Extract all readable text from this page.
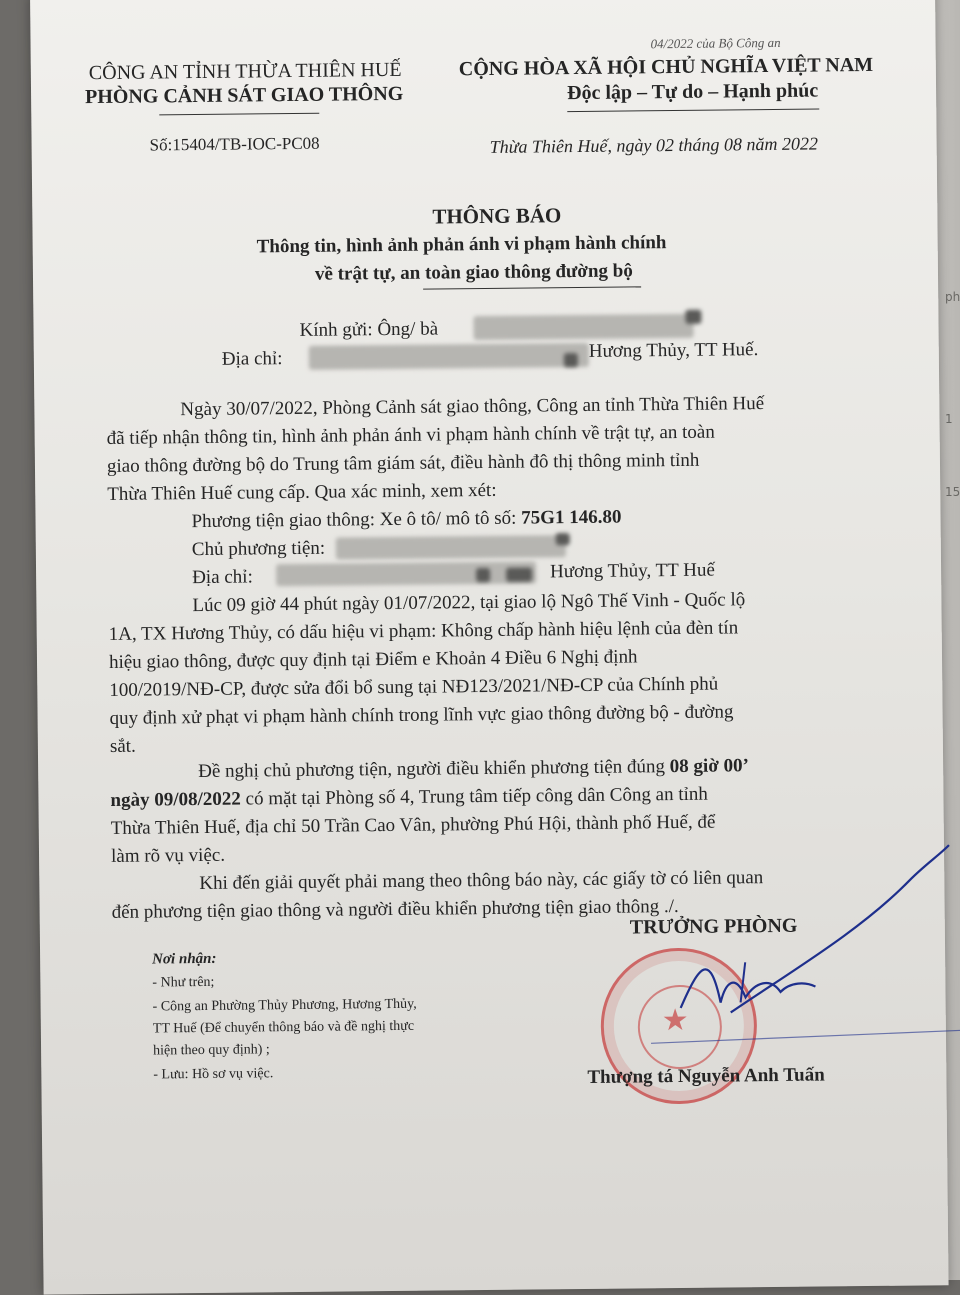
ph
1
15
04/2022 của Bộ Công an
CÔNG AN TỈNH THỪA THIÊN HUẾ
PHÒNG CẢNH SÁT GIAO THÔNG
CỘNG HÒA XÃ HỘI CHỦ NGHĨA VIỆT NAM
Độc lập – Tự do – Hạnh phúc
Số:15404/TB-IOC-PC08	Thừa Thiên Huế, ngày 02 tháng 08 năm 2022
THÔNG BÁO
Thông tin, hình ảnh phản ánh vi phạm hành chính
về trật tự, an toàn giao thông đường bộ
Kính gửi: Ông/ bà
Địa chỉ:	Hương Thủy, TT Huế.
Ngày 30/07/2022, Phòng Cảnh sát giao thông, Công an tỉnh Thừa Thiên Huế
đã tiếp nhận thông tin, hình ảnh phản ánh vi phạm hành chính về trật tự, an toàn
giao thông đường bộ do Trung tâm giám sát, điều hành đô thị thông minh tỉnh
Thừa Thiên Huế cung cấp. Qua xác minh, xem xét:
Phương tiện giao thông: Xe ô tô/ mô tô số: 75G1 146.80
Chủ phương tiện:
Địa chỉ:	Hương Thủy, TT Huế
Lúc 09 giờ 44 phút ngày 01/07/2022, tại giao lộ Ngô Thế Vinh - Quốc lộ
1A, TX Hương Thủy, có dấu hiệu vi phạm: Không chấp hành hiệu lệnh của đèn tín
hiệu giao thông, được quy định tại Điểm e Khoản 4 Điều 6 Nghị định
100/2019/NĐ-CP, được sửa đổi bổ sung tại NĐ123/2021/NĐ-CP của Chính phủ
quy định xử phạt vi phạm hành chính trong lĩnh vực giao thông đường bộ - đường
sắt.
Đề nghị chủ phương tiện, người điều khiển phương tiện đúng 08 giờ 00’
ngày 09/08/2022 có mặt tại Phòng số 4, Trung tâm tiếp công dân Công an tỉnh
Thừa Thiên Huế, địa chỉ 50 Trần Cao Vân, phường Phú Hội, thành phố Huế, để
làm rõ vụ việc.
Khi đến giải quyết phải mang theo thông báo này, các giấy tờ có liên quan
đến phương tiện giao thông và người điều khiển phương tiện giao thông ./.
Nơi nhận:
- Như trên;
- Công an Phường Thủy Phương, Hương Thủy,
TT Huế (Để chuyển thông báo và đề nghị thực
hiện theo quy định) ;
- Lưu: Hồ sơ vụ việc.
TRƯỞNG PHÒNG
★
Thượng tá Nguyễn Anh Tuấn
